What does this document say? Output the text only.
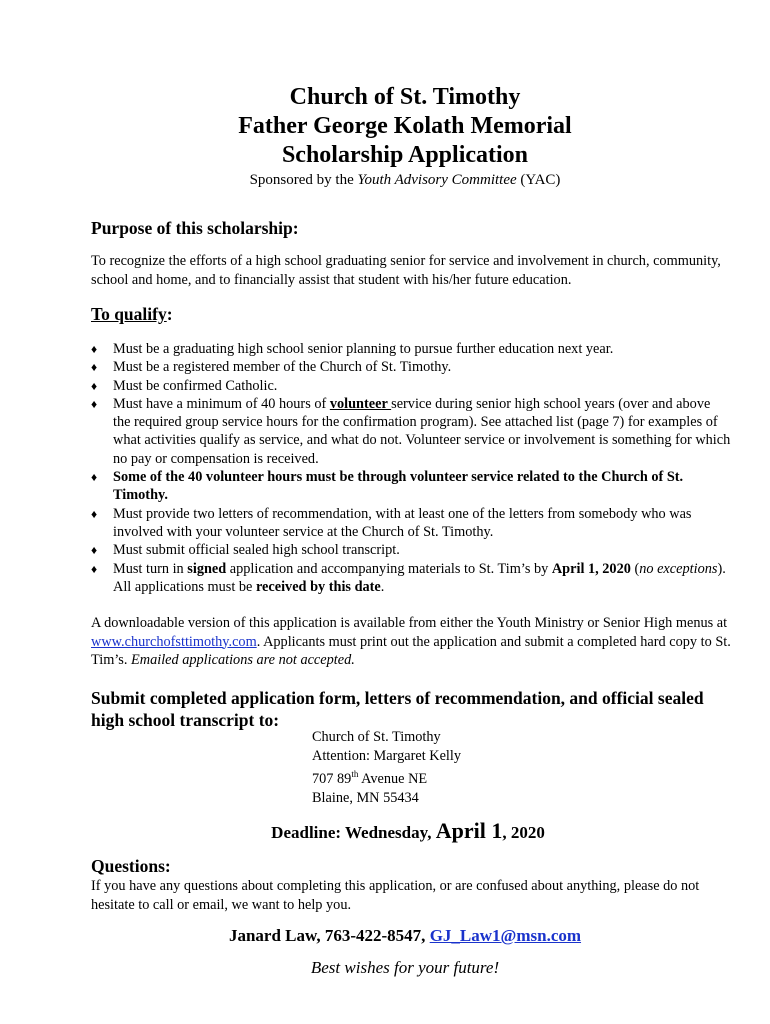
Church of St. Timothy
Father George Kolath Memorial
Scholarship Application
Sponsored by the Youth Advisory Committee (YAC)
Purpose of this scholarship:

To recognize the efforts of a high school graduating senior for service and involvement in church, community, school and home, and to financially assist that student with his/her future education.

To qualify:
♦ Must be a graduating high school senior planning to pursue further education next year.
♦ Must be a registered member of the Church of St. Timothy.
♦ Must be confirmed Catholic.
♦ Must have a minimum of 40 hours of volunteer service during senior high school years (over and above the required group service hours for the confirmation program). See attached list (page 7) for examples of what activities qualify as service, and what do not. Volunteer service or involvement is something for which no pay or compensation is received.
♦ Some of the 40 volunteer hours must be through volunteer service related to the Church of St. Timothy.
♦ Must provide two letters of recommendation, with at least one of the letters from somebody who was involved with your volunteer service at the Church of St. Timothy.
♦ Must submit official sealed high school transcript.
♦ Must turn in signed application and accompanying materials to St. Tim’s by April 1, 2020 (no exceptions). All applications must be received by this date.

A downloadable version of this application is available from either the Youth Ministry or Senior High menus at www.churchofsttimothy.com. Applicants must print out the application and submit a completed hard copy to St. Tim’s. Emailed applications are not accepted.

Submit completed application form, letters of recommendation, and official sealed high school transcript to:
Church of St. Timothy
Attention: Margaret Kelly
707 89th Avenue NE
Blaine, MN 55434
Deadline: Wednesday, April 1, 2020
Questions:

If you have any questions about completing this application, or are confused about anything, please do not hesitate to call or email, we want to help you.

Janard Law, 763-422-8547, GJ_Law1@msn.com
Best wishes for your future!
